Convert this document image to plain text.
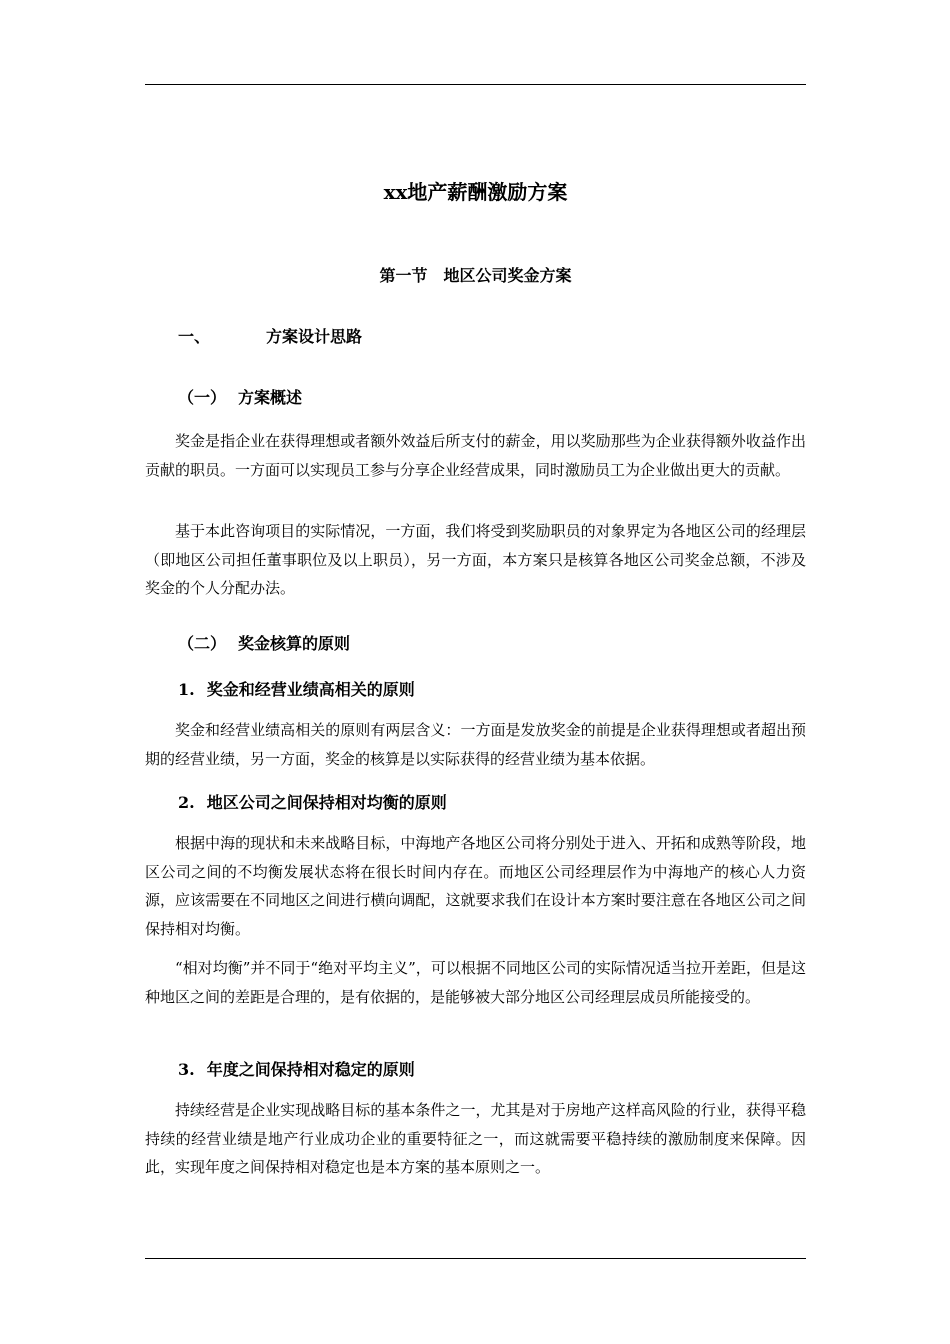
xx地产薪酬激励方案
第一节　地区公司奖金方案
一、	方案设计思路
（一） 方案概述
奖金是指企业在获得理想或者额外效益后所支付的薪金，用以奖励那些为企业获得额外收益作出贡献的职员。一方面可以实现员工参与分享企业经营成果，同时激励员工为企业做出更大的贡献。
基于本此咨询项目的实际情况，一方面，我们将受到奖励职员的对象界定为各地区公司的经理层（即地区公司担任董事职位及以上职员），另一方面，本方案只是核算各地区公司奖金总额，不涉及奖金的个人分配办法。
（二） 奖金核算的原则
1. 奖金和经营业绩高相关的原则
奖金和经营业绩高相关的原则有两层含义：一方面是发放奖金的前提是企业获得理想或者超出预期的经营业绩，另一方面，奖金的核算是以实际获得的经营业绩为基本依据。
2. 地区公司之间保持相对均衡的原则
根据中海的现状和未来战略目标，中海地产各地区公司将分别处于进入、开拓和成熟等阶段，地区公司之间的不均衡发展状态将在很长时间内存在。而地区公司经理层作为中海地产的核心人力资源，应该需要在不同地区之间进行横向调配，这就要求我们在设计本方案时要注意在各地区公司之间保持相对均衡。
“相对均衡”并不同于“绝对平均主义”，可以根据不同地区公司的实际情况适当拉开差距，但是这种地区之间的差距是合理的，是有依据的，是能够被大部分地区公司经理层成员所能接受的。
3. 年度之间保持相对稳定的原则
持续经营是企业实现战略目标的基本条件之一，尤其是对于房地产这样高风险的行业，获得平稳持续的经营业绩是地产行业成功企业的重要特征之一，而这就需要平稳持续的激励制度来保障。因此，实现年度之间保持相对稳定也是本方案的基本原则之一。
